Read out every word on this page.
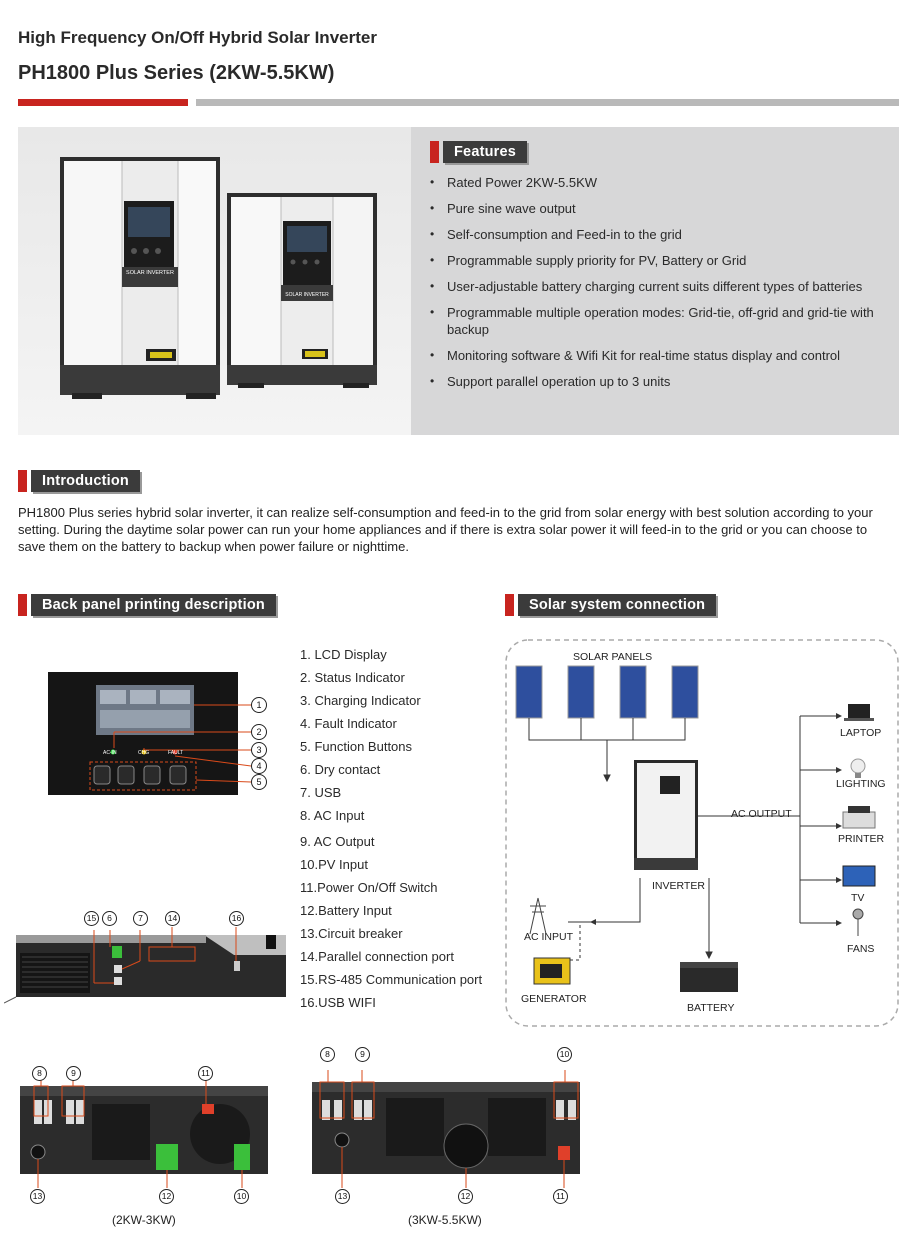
High Frequency On/Off Hybrid Solar Inverter
PH1800 Plus Series (2KW-5.5KW)
SOLAR INVERTER
SOLAR INVERTER
Features
• Rated Power 2KW-5.5KW
• Pure sine wave output
• Self-consumption and Feed-in to the grid
• Programmable supply priority for PV, Battery or Grid
• User-adjustable battery charging current suits different types of batteries
• Programmable multiple operation modes: Grid-tie, off-grid and grid-tie with backup
• Monitoring software & Wifi Kit for real-time status display and control
• Support parallel operation up to 3 units
Introduction
PH1800 Plus series hybrid solar inverter, it can realize self-consumption and feed-in to the grid from solar energy with best solution according to your setting. During the daytime solar power can run your home appliances and if there is extra solar power it will feed-in to the grid or you can choose to save them on the battery to backup when power failure or nighttime.
Back panel printing description
AC-IN	CHG	FAULT
1
2
3
4
5
1. LCD Display
2. Status Indicator
3. Charging Indicator
4. Fault Indicator
5. Function Buttons
6. Dry contact
7. USB
8. AC Input
9. AC Output
10.PV Input
11.Power On/Off Switch
12.Battery Input
13.Circuit breaker
14.Parallel connection port
15.RS-485 Communication port
16.USB WIFI
15	6	7	14	16
8	9	11
13	12	10
(2KW-3KW)
8	9	10
13	12	11
(3KW-5.5KW)
Solar system connection
SOLAR PANELS
LAPTOP
LIGHTING
PRINTER
TV
FANS
AC OUTPUT
INVERTER
AC INPUT
GENERATOR
BATTERY
